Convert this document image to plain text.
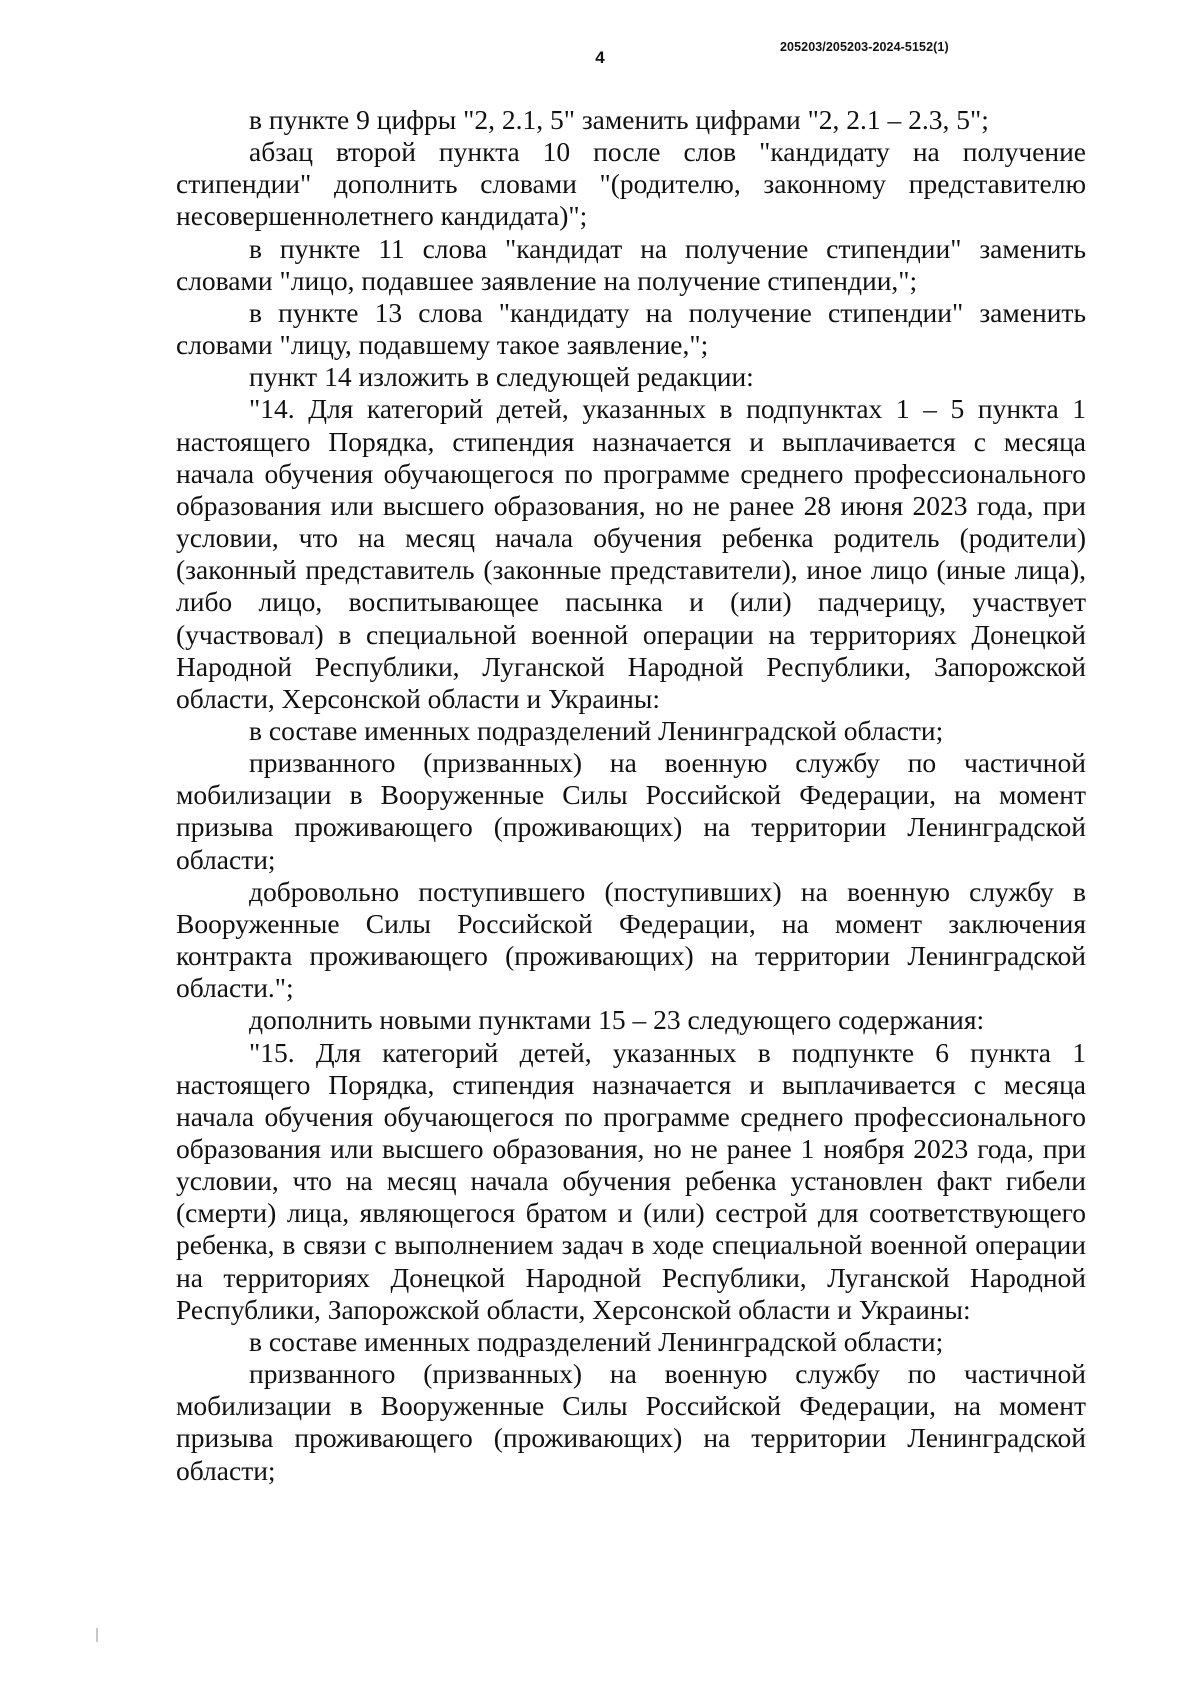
4
205203/205203-2024-5152(1)

в пункте 9 цифры "2, 2.1, 5" заменить цифрами "2, 2.1 – 2.3, 5";

абзац второй пункта 10 после слов "кандидату на получение стипендии" дополнить словами "(родителю, законному представителю несовершеннолетнего кандидата)";

в пункте 11 слова "кандидат на получение стипендии" заменить словами "лицо, подавшее заявление на получение стипендии,";

в пункте 13 слова "кандидату на получение стипендии" заменить словами "лицу, подавшему такое заявление,";

пункт 14 изложить в следующей редакции:

"14. Для категорий детей, указанных в подпунктах 1 – 5 пункта 1 настоящего Порядка, стипендия назначается и выплачивается с месяца начала обучения обучающегося по программе среднего профессионального образования или высшего образования, но не ранее 28 июня 2023 года, при условии, что на месяц начала обучения ребенка родитель (родители) (законный представитель (законные представители), иное лицо (иные лица), либо лицо, воспитывающее пасынка и (или) падчерицу, участвует (участвовал) в специальной военной операции на территориях Донецкой Народной Республики, Луганской Народной Республики, Запорожской области, Херсонской области и Украины:

в составе именных подразделений Ленинградской области;

призванного (призванных) на военную службу по частичной мобилизации в Вооруженные Силы Российской Федерации, на момент призыва проживающего (проживающих) на территории Ленинградской области;

добровольно поступившего (поступивших) на военную службу в Вооруженные Силы Российской Федерации, на момент заключения контракта проживающего (проживающих) на территории Ленинградской области.";

дополнить новыми пунктами 15 – 23 следующего содержания:

"15. Для категорий детей, указанных в подпункте 6 пункта 1 настоящего Порядка, стипендия назначается и выплачивается с месяца начала обучения обучающегося по программе среднего профессионального образования или высшего образования, но не ранее 1 ноября 2023 года, при условии, что на месяц начала обучения ребенка установлен факт гибели (смерти) лица, являющегося братом и (или) сестрой для соответствующего ребенка, в связи с выполнением задач в ходе специальной военной операции на территориях Донецкой Народной Республики, Луганской Народной Республики, Запорожской области, Херсонской области и Украины:

в составе именных подразделений Ленинградской области;

призванного (призванных) на военную службу по частичной мобилизации в Вооруженные Силы Российской Федерации, на момент призыва проживающего (проживающих) на территории Ленинградской области;
